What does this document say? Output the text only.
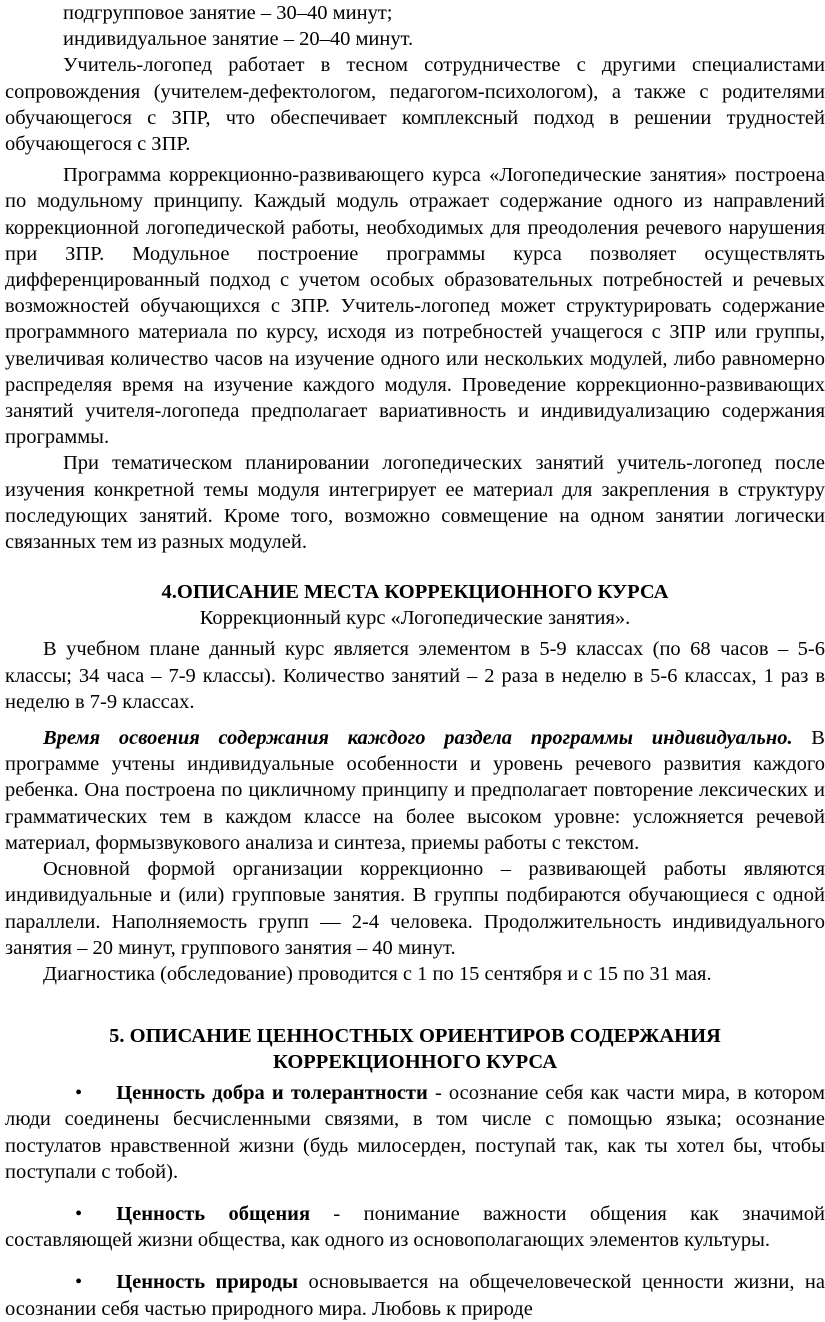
подгрупповое занятие – 30–40 минут;

индивидуальное занятие – 20–40 минут.

Учитель-логопед работает в тесном сотрудничестве с другими специалистами сопровождения (учителем-дефектологом, педагогом-психологом), а также с родителями обучающегося с ЗПР, что обеспечивает комплексный подход в решении трудностей обучающегося с ЗПР.

Программа коррекционно-развивающего курса «Логопедические занятия» построена по модульному принципу. Каждый модуль отражает содержание одного из направлений коррекционной логопедической работы, необходимых для преодоления речевого нарушения при ЗПР. Модульное построение программы курса позволяет осуществлять дифференцированный подход с учетом особых образовательных потребностей и речевых возможностей обучающихся с ЗПР. Учитель-логопед может структурировать содержание программного материала по курсу, исходя из потребностей учащегося с ЗПР или группы, увеличивая количество часов на изучение одного или нескольких модулей, либо равномерно распределяя время на изучение каждого модуля. Проведение коррекционно-развивающих занятий учителя-логопеда предполагает вариативность и индивидуализацию содержания программы.

При тематическом планировании логопедических занятий учитель-логопед после изучения конкретной темы модуля интегрирует ее материал для закрепления в структуру последующих занятий. Кроме того, возможно совмещение на одном занятии логически связанных тем из разных модулей.

4.ОПИСАНИЕ МЕСТА КОРРЕКЦИОННОГО КУРСА

Коррекционный курс «Логопедические занятия».

В учебном плане данный курс является элементом в 5-9 классах (по 68 часов – 5-6 классы; 34 часа – 7-9 классы). Количество занятий – 2 раза в неделю в 5-6 классах, 1 раз в неделю в 7-9 классах.

Время освоения содержания каждого раздела программы индивидуально. В программе учтены индивидуальные особенности и уровень речевого развития каждого ребенка. Она построена по цикличному принципу и предполагает повторение лексических и грамматических тем в каждом классе на более высоком уровне: усложняется речевой материал, формызвукового анализа и синтеза, приемы работы с текстом.

Основной формой организации коррекционно – развивающей работы являются индивидуальные и (или) групповые занятия. В группы подбираются обучающиеся с одной параллели. Наполняемость групп — 2-4 человека. Продолжительность индивидуального занятия – 20 минут, группового занятия – 40 минут.

Диагностика (обследование) проводится с 1 по 15 сентября и с 15 по 31 мая.

5. ОПИСАНИЕ ЦЕННОСТНЫХ ОРИЕНТИРОВ СОДЕРЖАНИЯ
КОРРЕКЦИОННОГО КУРСА

• Ценность добра и толерантности - осознание себя как части мира, в котором люди соединены бесчисленными связями, в том числе с помощью языка; осознание постулатов нравственной жизни (будь милосерден, поступай так, как ты хотел бы, чтобы поступали с тобой).

• Ценность общения - понимание важности общения как значимой составляющей жизни общества, как одного из основополагающих элементов культуры.

• Ценность природы основывается на общечеловеческой ценности жизни, на осознании себя частью природного мира. Любовь к природе
